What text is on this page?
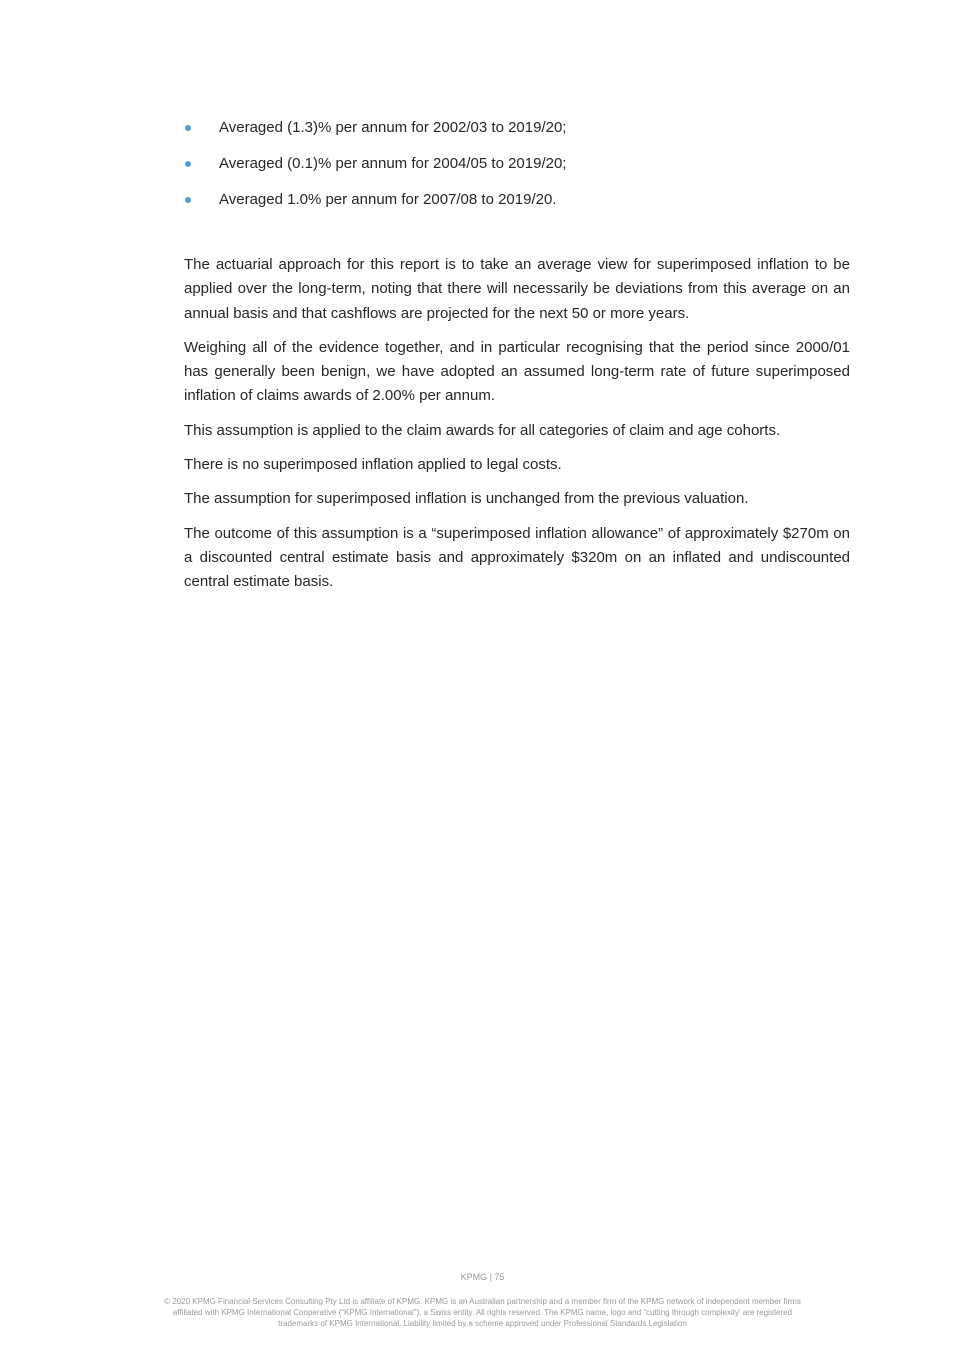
Averaged (1.3)% per annum for 2002/03 to 2019/20;
Averaged (0.1)% per annum for 2004/05 to 2019/20;
Averaged 1.0% per annum for 2007/08 to 2019/20.

The actuarial approach for this report is to take an average view for superimposed inflation to be applied over the long-term, noting that there will necessarily be deviations from this average on an annual basis and that cashflows are projected for the next 50 or more years.

Weighing all of the evidence together, and in particular recognising that the period since 2000/01 has generally been benign, we have adopted an assumed long-term rate of future superimposed inflation of claims awards of 2.00% per annum.

This assumption is applied to the claim awards for all categories of claim and age cohorts.

There is no superimposed inflation applied to legal costs.

The assumption for superimposed inflation is unchanged from the previous valuation.

The outcome of this assumption is a “superimposed inflation allowance” of approximately $270m on a discounted central estimate basis and approximately $320m on an inflated and undiscounted central estimate basis.

KPMG | 75
© 2020 KPMG Financial Services Consulting Pty Ltd is affiliate of KPMG. KPMG is an Australian partnership and a member firm of the KPMG network of independent member firms
affiliated with KPMG International Cooperative (“KPMG International”), a Swiss entity. All rights reserved. The KPMG name, logo and “cutting through complexity' are registered
trademarks of KPMG International. Liability limited by a scheme approved under Professional Standards Legislation
